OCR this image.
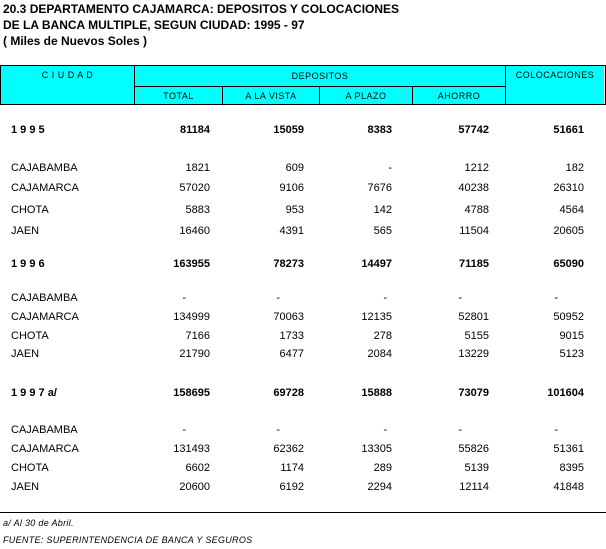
20.3 DEPARTAMENTO CAJAMARCA: DEPOSITOS Y COLOCACIONES
DE LA BANCA MULTIPLE, SEGUN CIUDAD: 1995 - 97
( Miles de Nuevos Soles )
C I U D A D	DEPOSITOS	COLOCACIONES
TOTAL	A LA VISTA	A PLAZO	AHORRO
1 9 9 5	81184	15059	8383	57742	51661
CAJABAMBA	1821	609	-	1212	182
CAJAMARCA	57020	9106	7676	40238	26310
CHOTA	5883	953	142	4788	4564
JAEN	16460	4391	565	11504	20605
1 9 9 6	163955	78273	14497	71185	65090
CAJABAMBA	-	-	-	-	-
CAJAMARCA	134999	70063	12135	52801	50952
CHOTA	7166	1733	278	5155	9015
JAEN	21790	6477	2084	13229	5123
1 9 9 7 a/	158695	69728	15888	73079	101604
CAJABAMBA	-	-	-	-	-
CAJAMARCA	131493	62362	13305	55826	51361
CHOTA	6602	1174	289	5139	8395
JAEN	20600	6192	2294	12114	41848
a/ Al 30 de Abril.
FUENTE: SUPERINTENDENCIA DE BANCA Y SEGUROS
